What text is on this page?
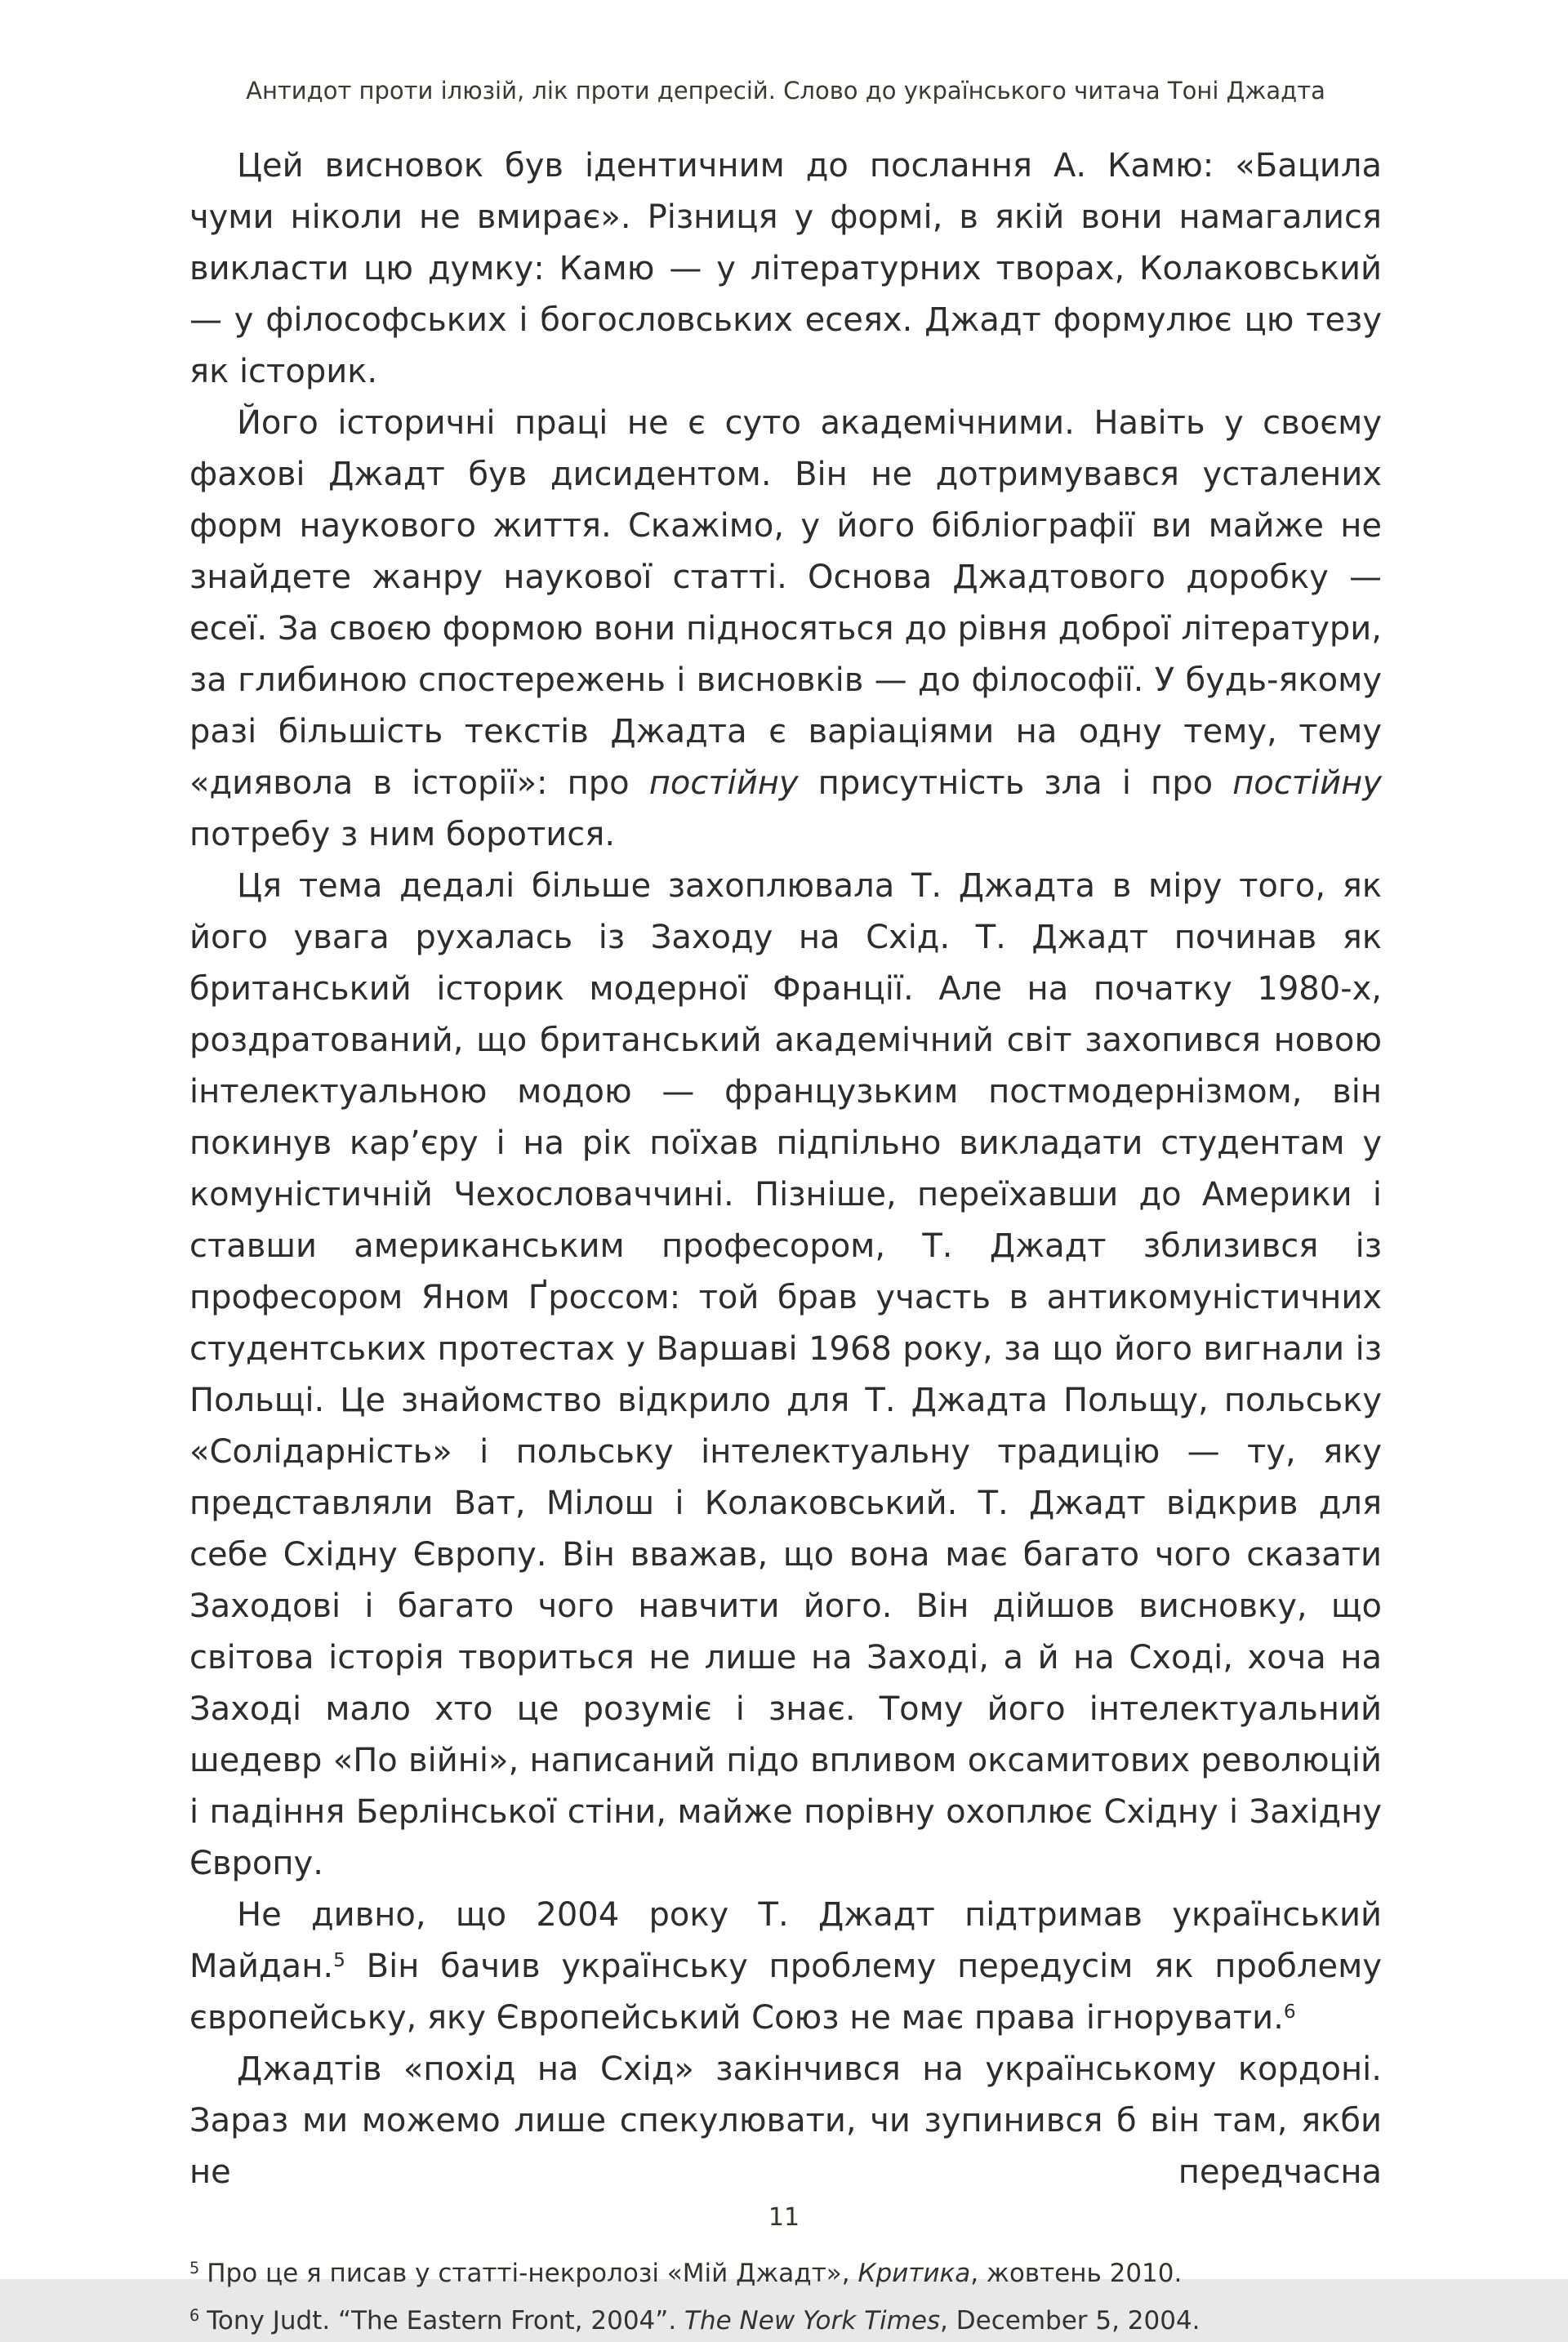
Антидот проти ілюзій, лік проти депресій. Слово до українського читача Тоні Джадта

Цей висновок був ідентичним до послання А. Камю: «Бацила чуми ніколи не вмирає». Різниця у формі, в якій вони намагалися викласти цю думку: Камю — у літературних творах, Колаковський — у філософських і богословських есеях. Джадт формулює цю тезу як історик.

Його історичні праці не є суто академічними. Навіть у своєму фахові Джадт був дисидентом. Він не дотримувався усталених форм наукового життя. Скажімо, у його бібліографії ви майже не знайдете жанру наукової статті. Основа Джадтового доробку — есеї. За своєю формою вони підносяться до рівня доброї літератури, за глибиною спостережень і висновків — до філософії. У будь-якому разі більшість текстів Джадта є варіаціями на одну тему, тему «диявола в історії»: про постійну присутність зла і про постійну потребу з ним боротися.

Ця тема дедалі більше захоплювала Т. Джадта в міру того, як його увага рухалась із Заходу на Схід. Т. Джадт починав як британський історик модерної Франції. Але на початку 1980-х, роздратований, що британський академічний світ захопився новою інтелектуальною модою — французьким постмодернізмом, він покинув кар’єру і на рік поїхав підпільно викладати студентам у комуністичній Чехословаччині. Пізніше, переїхавши до Америки і ставши американським професором, Т. Джадт зблизився із професором Яном Ґроссом: той брав участь в антикомуністичних студентських протестах у Варшаві 1968 року, за що його вигнали із Польщі. Це знайомство відкрило для Т. Джадта Польщу, польську «Солідарність» і польську інтелектуальну традицію — ту, яку представляли Ват, Мілош і Колаковський. Т. Джадт відкрив для себе Східну Європу. Він вважав, що вона має багато чого сказати Заходові і багато чого навчити його. Він дійшов висновку, що світова історія твориться не лише на Заході, а й на Сході, хоча на Заході мало хто це розуміє і знає. Тому його інтелектуальний шедевр «По війні», написаний підо впливом оксамитових революцій і падіння Берлінської стіни, майже порівну охоплює Східну і Західну Європу.

Не дивно, що 2004 року Т. Джадт підтримав український Майдан.$^5$ Він бачив українську проблему передусім як проблему європейську, яку Європейський Союз не має права ігнорувати.$^6$

Джадтів «похід на Схід» закінчився на українському кордоні. Зараз ми можемо лише спекулювати, чи зупинився б він там, якби не передчасна

$^5$ Про це я писав у статті-некролозі «Мій Джадт», Критика, жовтень 2010.

$^6$ Tony Judt. “The Eastern Front, 2004”. The New York Times, December 5, 2004.

11
